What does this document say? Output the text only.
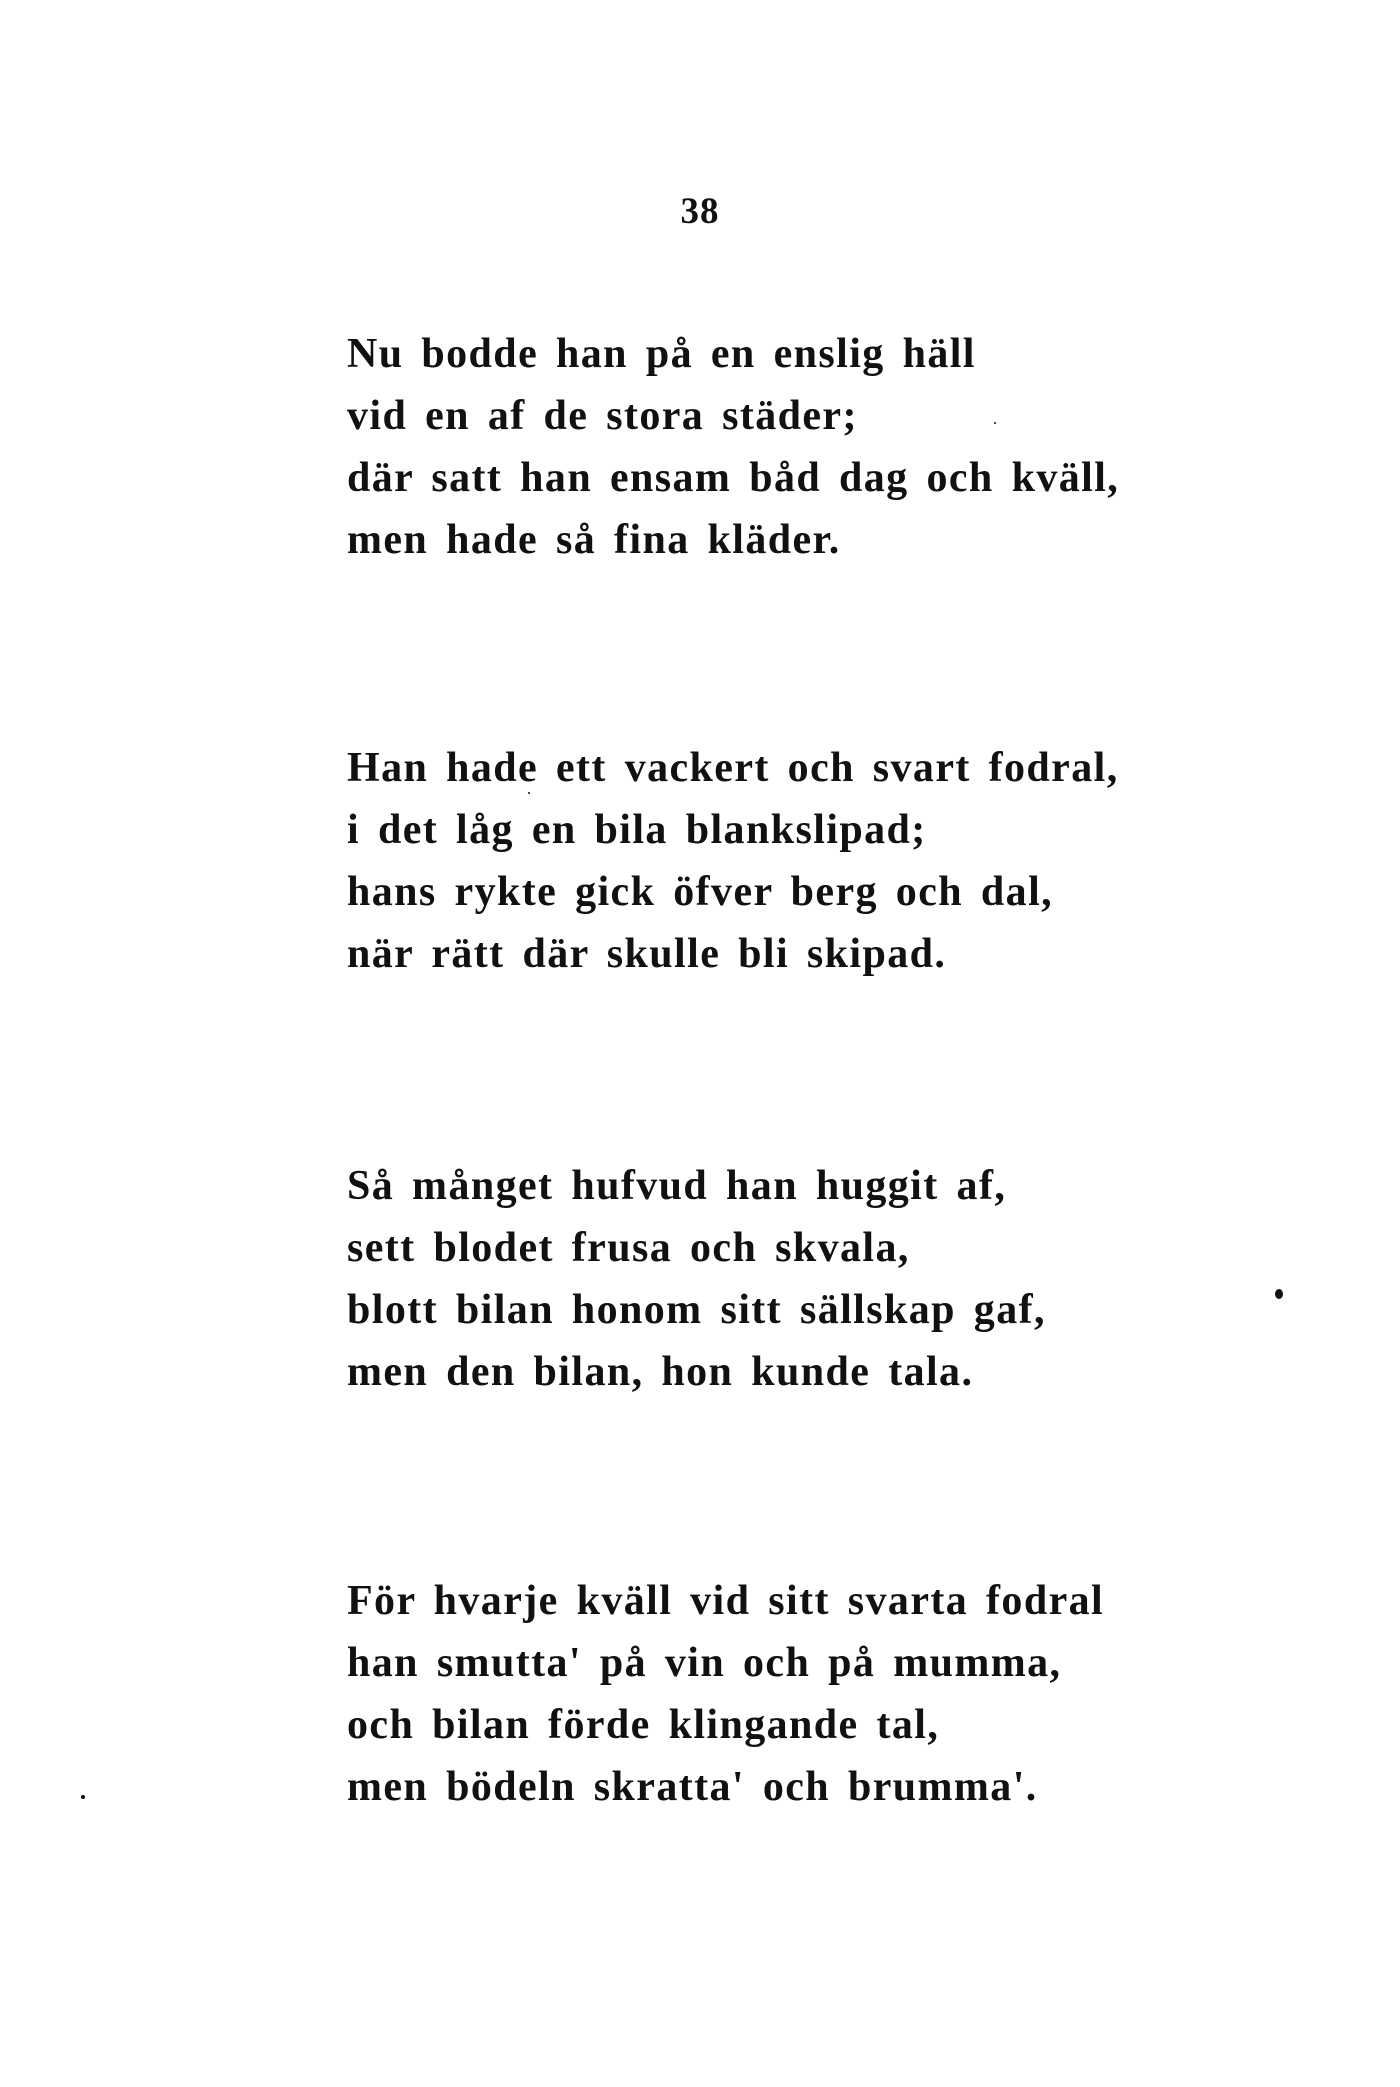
38
Nu bodde han på en enslig häll
vid en af de stora städer;
där satt han ensam båd dag och kväll,
men hade så fina kläder.
Han hade ett vackert och svart fodral,
i det låg en bila blankslipad;
hans rykte gick öfver berg och dal,
när rätt där skulle bli skipad.
Så månget hufvud han huggit af,
sett blodet frusa och skvala,
blott bilan honom sitt sällskap gaf,
men den bilan, hon kunde tala.
För hvarje kväll vid sitt svarta fodral
han smutta' på vin och på mumma,
och bilan förde klingande tal,
men bödeln skratta' och brumma'.
